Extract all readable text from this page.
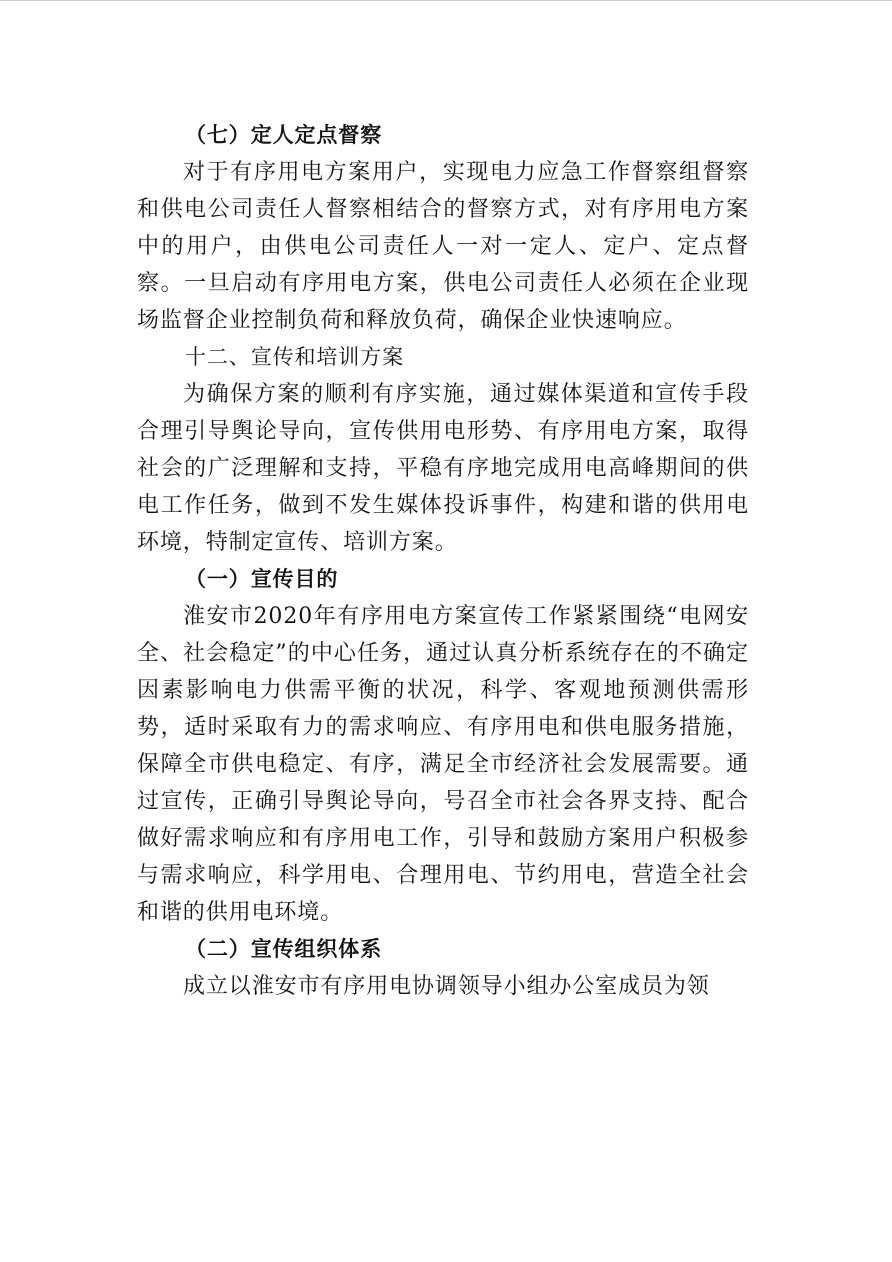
（七）定人定点督察

对于有序用电方案用户，实现电力应急工作督察组督察和供电公司责任人督察相结合的督察方式，对有序用电方案中的用户，由供电公司责任人一对一定人、定户、定点督察。一旦启动有序用电方案，供电公司责任人必须在企业现场监督企业控制负荷和释放负荷，确保企业快速响应。

十二、宣传和培训方案

为确保方案的顺利有序实施，通过媒体渠道和宣传手段合理引导舆论导向，宣传供用电形势、有序用电方案，取得社会的广泛理解和支持，平稳有序地完成用电高峰期间的供电工作任务，做到不发生媒体投诉事件，构建和谐的供用电环境，特制定宣传、培训方案。

（一）宣传目的

淮安市2020年有序用电方案宣传工作紧紧围绕“电网安全、社会稳定”的中心任务，通过认真分析系统存在的不确定因素影响电力供需平衡的状况，科学、客观地预测供需形势，适时采取有力的需求响应、有序用电和供电服务措施，保障全市供电稳定、有序，满足全市经济社会发展需要。通过宣传，正确引导舆论导向，号召全市社会各界支持、配合做好需求响应和有序用电工作，引导和鼓励方案用户积极参与需求响应，科学用电、合理用电、节约用电，营造全社会和谐的供用电环境。

（二）宣传组织体系

成立以淮安市有序用电协调领导小组办公室成员为领
